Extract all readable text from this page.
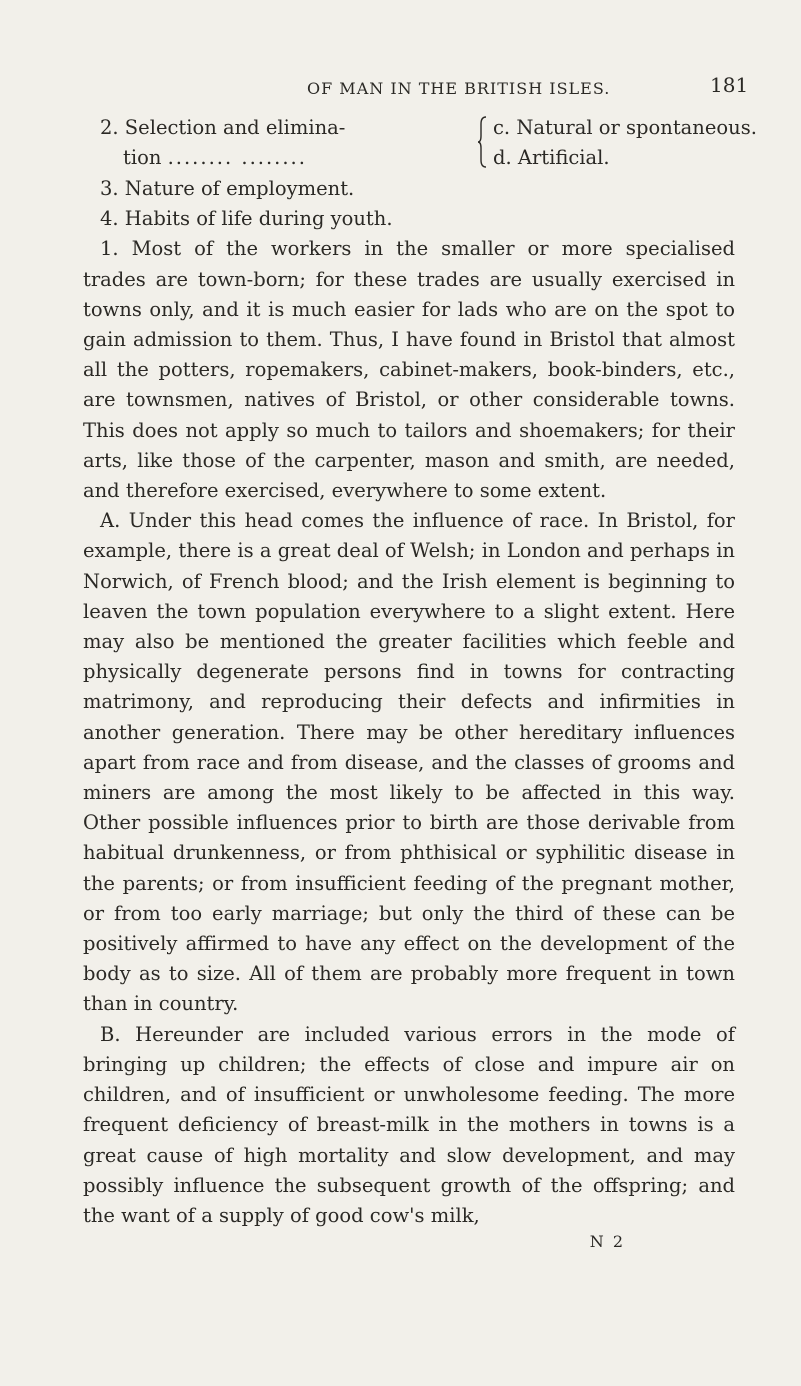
OF MAN IN THE BRITISH ISLES.	181
2. Selection and elimina-
tion ........ ........
c. Natural or spontaneous.
d. Artificial.
3. Nature of employment.
4. Habits of life during youth.

1. Most of the workers in the smaller or more specialised trades are town-born; for these trades are usually exercised in towns only, and it is much easier for lads who are on the spot to gain admission to them. Thus, I have found in Bristol that almost all the potters, ropemakers, cabinet-makers, book-binders, etc., are townsmen, natives of Bristol, or other considerable towns. This does not apply so much to tailors and shoemakers; for their arts, like those of the carpenter, mason and smith, are needed, and therefore exercised, everywhere to some extent.

A. Under this head comes the influence of race. In Bristol, for example, there is a great deal of Welsh; in London and perhaps in Norwich, of French blood; and the Irish element is beginning to leaven the town population everywhere to a slight extent. Here may also be mentioned the greater facilities which feeble and physically degenerate persons find in towns for contracting matrimony, and reproducing their defects and infirmities in another generation. There may be other hereditary influences apart from race and from disease, and the classes of grooms and miners are among the most likely to be affected in this way. Other possible influences prior to birth are those derivable from habitual drunkenness, or from phthisical or syphilitic disease in the parents; or from insufficient feeding of the pregnant mother, or from too early marriage; but only the third of these can be positively affirmed to have any effect on the development of the body as to size. All of them are probably more frequent in town than in country.

B. Hereunder are included various errors in the mode of bringing up children; the effects of close and impure air on children, and of insufficient or unwholesome feeding. The more frequent deficiency of breast-milk in the mothers in towns is a great cause of high mortality and slow development, and may possibly influence the subsequent growth of the offspring; and the want of a supply of good cow's milk,

N 2
